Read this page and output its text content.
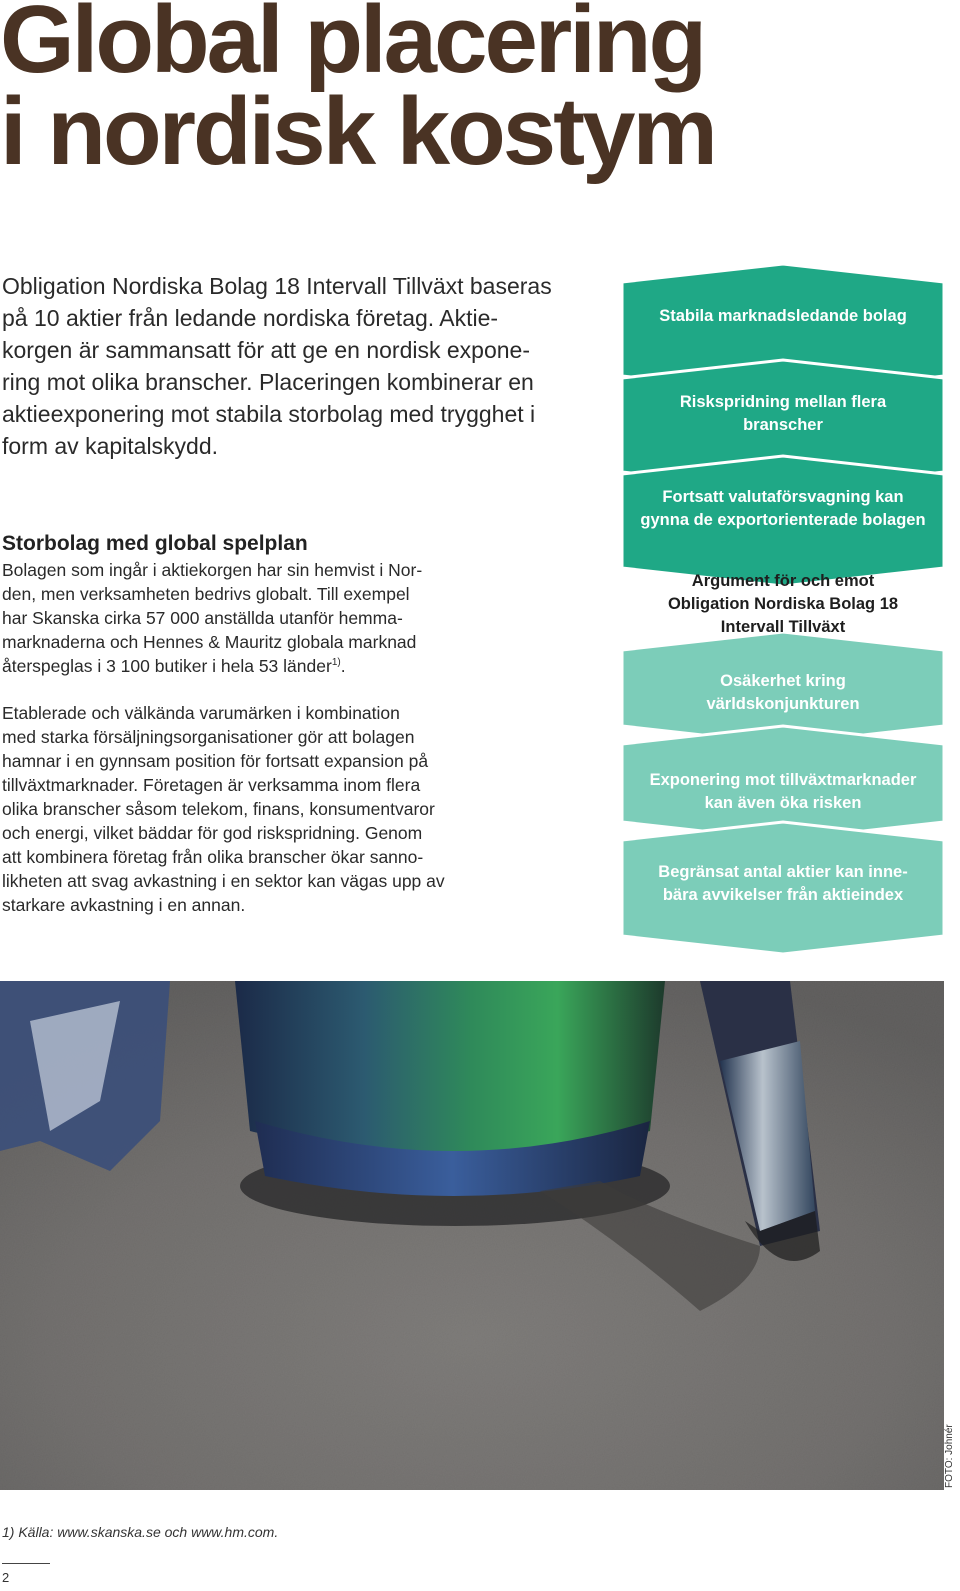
Global placering
i nordisk kostym
Obligation Nordiska Bolag 18 Intervall Tillväxt baseras
på 10 aktier från ledande nordiska företag. Aktie-
korgen är sammansatt för att ge en nordisk expone-
ring mot olika branscher. Placeringen kombinerar en
aktieexponering mot stabila storbolag med trygghet i
form av kapitalskydd.
Storbolag med global spelplan
Bolagen som ingår i aktiekorgen har sin hemvist i Nor-
den, men verksamheten bedrivs globalt. Till exempel
har Skanska cirka 57 000 anställda utanför hemma-
marknaderna och Hennes & Mauritz globala marknad
återspeglas i 3 100 butiker i hela 53 länder$^{1)}$.
Etablerade och välkända varumärken i kombination
med starka försäljningsorganisationer gör att bolagen
hamnar i en gynnsam position för fortsatt expansion på
tillväxtmarknader. Företagen är verksamma inom flera
olika branscher såsom telekom, finans, konsumentvaror
och energi, vilket bäddar för god riskspridning. Genom
att kombinera företag från olika branscher ökar sanno-
likheten att svag avkastning i en sektor kan vägas upp av
starkare avkastning i en annan.
Stabila marknadsledande bolag
Riskspridning mellan flera
branscher
Fortsatt valutaförsvagning kan
gynna de exportorienterade bolagen
Argument för och emot
Obligation Nordiska Bolag 18
Intervall Tillväxt
Osäkerhet kring
världskonjunkturen
Exponering mot tillväxtmarknader
kan även öka risken
Begränsat antal aktier kan inne-
bära avvikelser från aktieindex
FOTO: Johnér
1) Källa: www.skanska.se och www.hm.com.
2
